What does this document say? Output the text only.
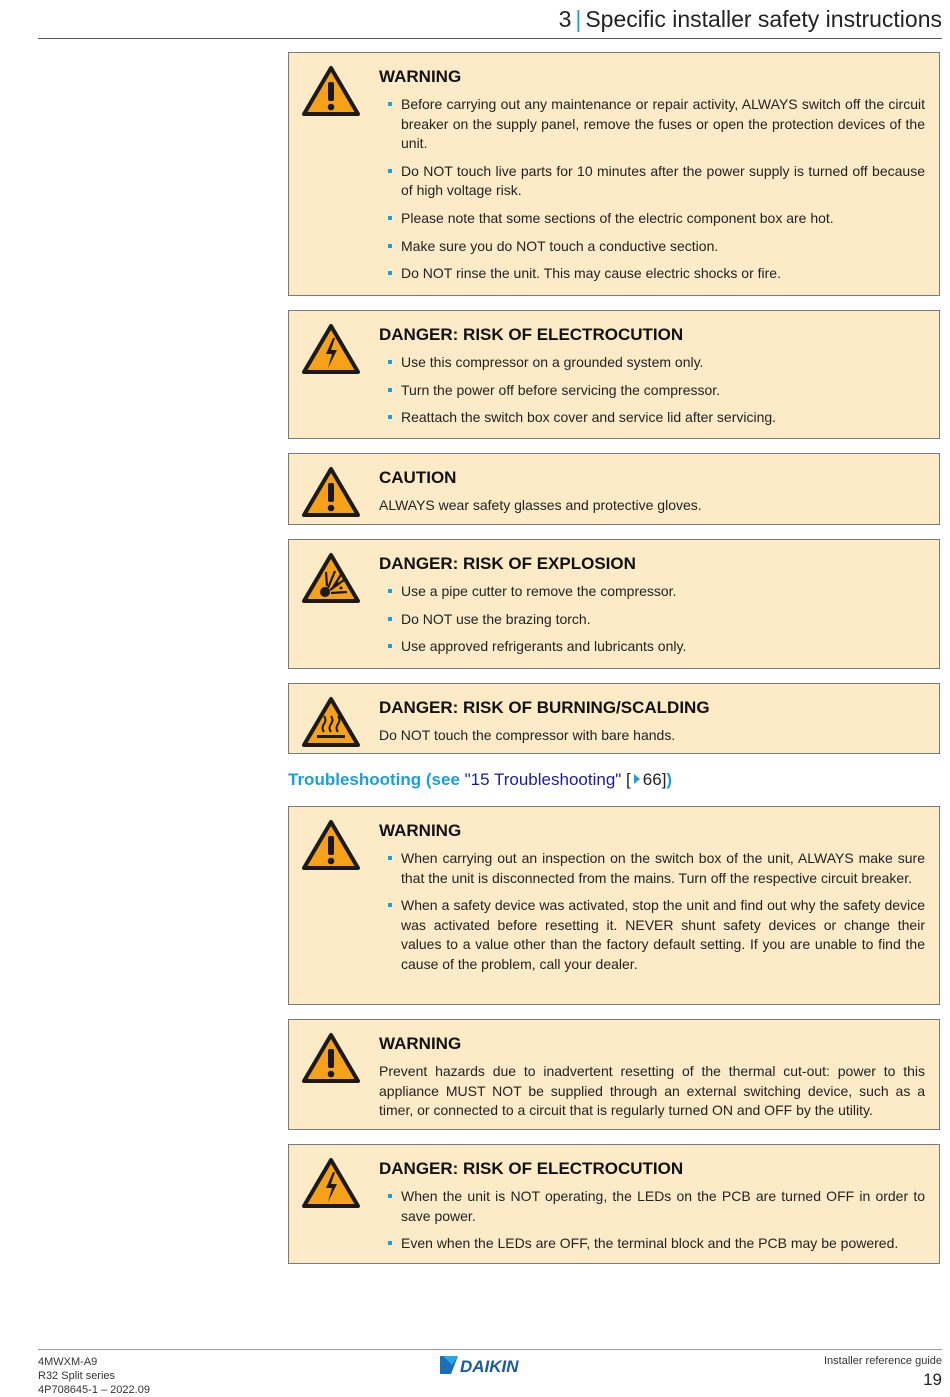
3 | Specific installer safety instructions
WARNING
Before carrying out any maintenance or repair activity, ALWAYS switch off the circuit breaker on the supply panel, remove the fuses or open the protection devices of the unit.
Do NOT touch live parts for 10 minutes after the power supply is turned off because of high voltage risk.
Please note that some sections of the electric component box are hot.
Make sure you do NOT touch a conductive section.
Do NOT rinse the unit. This may cause electric shocks or fire.
DANGER: RISK OF ELECTROCUTION
Use this compressor on a grounded system only.
Turn the power off before servicing the compressor.
Reattach the switch box cover and service lid after servicing.
CAUTION

ALWAYS wear safety glasses and protective gloves.

DANGER: RISK OF EXPLOSION
Use a pipe cutter to remove the compressor.
Do NOT use the brazing torch.
Use approved refrigerants and lubricants only.
DANGER: RISK OF BURNING/SCALDING

Do NOT touch the compressor with bare hands.

Troubleshooting (see "15 Troubleshooting" [ 66])
WARNING
When carrying out an inspection on the switch box of the unit, ALWAYS make sure that the unit is disconnected from the mains. Turn off the respective circuit breaker.
When a safety device was activated, stop the unit and find out why the safety device was activated before resetting it. NEVER shunt safety devices or change their values to a value other than the factory default setting. If you are unable to find the cause of the problem, call your dealer.
WARNING

Prevent hazards due to inadvertent resetting of the thermal cut-out: power to this appliance MUST NOT be supplied through an external switching device, such as a timer, or connected to a circuit that is regularly turned ON and OFF by the utility.

DANGER: RISK OF ELECTROCUTION
When the unit is NOT operating, the LEDs on the PCB are turned OFF in order to save power.
Even when the LEDs are OFF, the terminal block and the PCB may be powered.
4MWXM-A9
R32 Split series
4P708645-1 – 2022.09
DAIKIN	Installer reference guide
19
